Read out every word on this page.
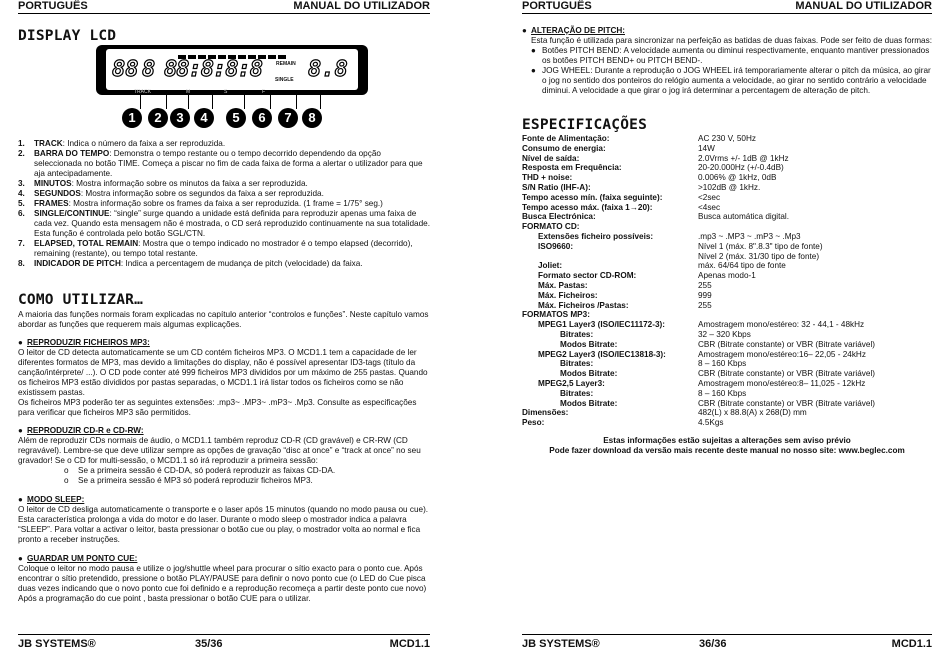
PORTUGUÊS	MANUAL DO UTILIZADOR
DISPLAY LCD
88 8 88:8:8:8	REMAIN
SINGLE 8.8
TRACK	M	S	F
1	2	3	4	5	6	7	8
1.	TRACK: Indica o número da faixa a ser reproduzida.
2.	BARRA DO TEMPO: Demonstra o tempo restante ou o tempo decorrido dependendo da opção seleccionada no botão TIME. Começa a piscar no fim de cada faixa de forma a alertar o utilizador para que aja antecipadamente.
3.	MINUTOS: Mostra informação sobre os minutos da faixa a ser reproduzida.
4.	SEGUNDOS: Mostra informação sobre os segundos da faixa a ser reproduzida.
5.	FRAMES: Mostra informação sobre os frames da faixa a ser reproduzida. (1 frame = 1/75° seg.)
6.	SINGLE/CONTINUE: “single” surge quando a unidade está definida para reproduzir apenas uma faixa de cada vez. Quando esta mensagem não é mostrada, o CD será reproduzido continuamente na sua totalidade. Esta função é controlada pelo botão SGL/CTN.
7.	ELAPSED, TOTAL REMAIN: Mostra que o tempo indicado no mostrador é o tempo elapsed (decorrido), remaining (restante), ou tempo total restante.
8.	INDICADOR DE PITCH: Indica a percentagem de mudança de pitch (velocidade) da faixa.
COMO UTILIZAR…

A maioria das funções normais foram explicadas no capítulo anterior “controlos e funções”. Neste capítulo vamos abordar as funções que requerem mais algumas explicações.

● REPRODUZIR FICHEIROS MP3:

O leitor de CD detecta automaticamente se um CD contém ficheiros MP3. O MCD1.1 tem a capacidade de ler diferentes formatos de MP3, mas devido a limitações do display, não é possível apresentar ID3-tags (título da canção/intérprete/ ...). O CD pode conter até 999 ficheiros MP3 divididos por um máximo de 255 pastas. Quando os ficheiros MP3 estão divididos por pastas separadas, o MCD1.1 irá listar todos os ficheiros como se não existissem pastas.

Os ficheiros MP3 poderão ter as seguintes extensões: .mp3~ .MP3~ .mP3~ .Mp3. Consulte as especificações para verificar que ficheiros MP3 são permitidos.

● REPRODUZIR CD-R e CD-RW:

Além de reproduzir CDs normais de áudio, o MCD1.1 também reproduz CD-R (CD gravável) e CR-RW (CD regravável). Lembre-se que deve utilizar sempre as opções de gravação “disc at once” e “track at once” no seu gravador! Se o CD for multi-sessão, o MCD1.1 só irá reproduzir a primeira sessão:

o	Se a primeira sessão é CD-DA, só poderá reproduzir as faixas CD-DA.
o	Se a primeira sessão é MP3 só poderá reproduzir ficheiros MP3.
● MODO SLEEP:

O leitor de CD desliga automaticamente o transporte e o laser após 15 minutos (quando no modo pausa ou cue). Esta característica prolonga a vida do motor e do laser. Durante o modo sleep o mostrador indica a palavra “SLEEP”. Para voltar a activar o leitor, basta pressionar o botão cue ou play, o mostrador volta ao normal e fica pronto a receber instruções.

● GUARDAR UM PONTO CUE:

Coloque o leitor no modo pausa e utilize o jog/shuttle wheel para procurar o sítio exacto para o ponto cue. Após encontrar o sítio pretendido, pressione o botão PLAY/PAUSE para definir o novo ponto cue (o LED do Cue pisca duas vezes indicando que o novo ponto cue foi definido e a reprodução recomeça a partir deste ponto cue novo)

Após a programação do cue point , basta pressionar o botão CUE para o utilizar.

JB SYSTEMS®	35/36	MCD1.1
PORTUGUÊS	MANUAL DO UTILIZADOR
● ALTERAÇÃO DE PITCH:

Esta função é utilizada para sincronizar na perfeição as batidas de duas faixas. Pode ser feito de duas formas:

● Botões PITCH BEND: A velocidade aumenta ou diminui respectivamente, enquanto mantiver pressionados os botões PITCH BEND+ ou PITCH BEND-.
● JOG WHEEL: Durante a reprodução o JOG WHEEL irá temporariamente alterar o pitch da música, ao girar o jog no sentido dos ponteiros do relógio aumenta a velocidade, ao girar no sentido contrário a velocidade diminui. A velocidade a que girar o jog irá determinar a percentagem de alteração de pitch.
ESPECIFICAÇÕES
Fonte de Alimentação:	AC 230 V, 50Hz
Consumo de energia:	14W
Nível de saída:	2.0Vrms +/- 1dB @ 1kHz
Resposta em Frequência:	20-20.000Hz (+/-0.4dB)
THD + noise:	0.006% @ 1kHz, 0dB
S/N Ratio (IHF-A):	>102dB @ 1kHz.
Tempo acesso mín. (faixa seguinte):	<2sec
Tempo acesso máx. (faixa 1→20):	<4sec
Busca Electrónica:	Busca automática digital.
FORMATO CD:
Extensões ficheiro possíveis:	.mp3 ~ .MP3 ~ .mP3 ~ .Mp3
ISO9660:	Nível 1 (máx. 8".8.3" tipo de fonte)
Nível 2 (máx. 31/30 tipo de fonte)
Joliet:	máx. 64/64 tipo de fonte
Formato sector CD-ROM:	Apenas modo-1
Máx. Pastas:	255
Máx. Ficheiros:	999
Máx. Ficheiros /Pastas:	255
FORMATOS MP3:
MPEG1 Layer3 (ISO/IEC11172-3):	Amostragem mono/estéreo: 32 - 44,1 - 48kHz
Bitrates:	32 – 320 Kbps
Modos Bitrate:	CBR (Bitrate constante) or VBR (Bitrate variável)
MPEG2 Layer3 (ISO/IEC13818-3):	Amostragem mono/estéreo:16– 22,05 - 24kHz
Bitrates:	8 – 160 Kbps
Modos Bitrate:	CBR (Bitrate constante) or VBR (Bitrate variável)
MPEG2,5 Layer3:	Amostragem mono/estéreo:8– 11,025 - 12kHz
Bitrates:	8 – 160 Kbps
Modos Bitrate:	CBR (Bitrate constante) or VBR (Bitrate variável)
Dimensões:	482(L) x 88.8(A) x 268(D) mm
Peso:	4.5Kgs
Estas informações estão sujeitas a alterações sem aviso prévio
Pode fazer download da versão mais recente deste manual no nosso site: www.beglec.com
JB SYSTEMS®	36/36	MCD1.1
